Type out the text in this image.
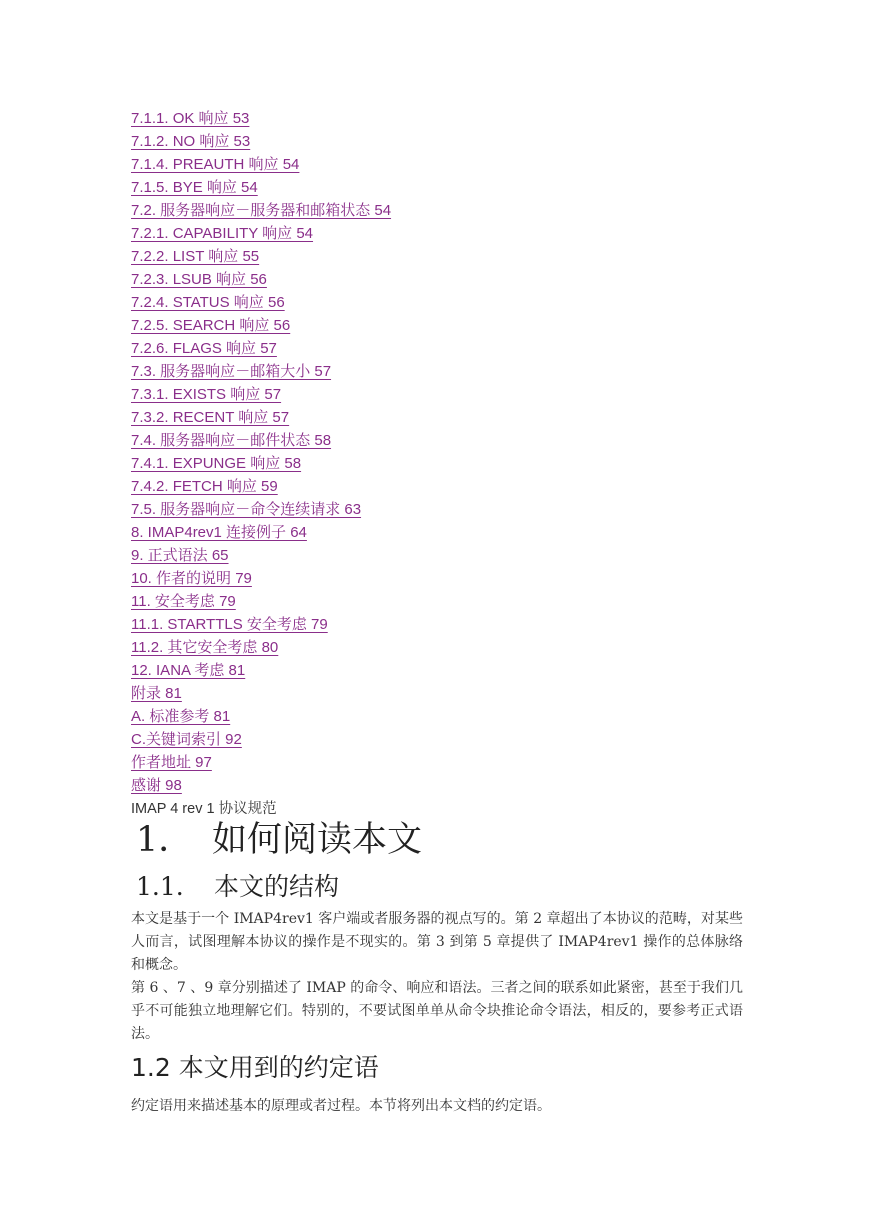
7.1.1. OK 响应 53
7.1.2. NO 响应 53
7.1.4. PREAUTH 响应 54
7.1.5. BYE 响应 54
7.2. 服务器响应－服务器和邮箱状态 54
7.2.1. CAPABILITY 响应 54
7.2.2. LIST 响应 55
7.2.3. LSUB 响应 56
7.2.4. STATUS 响应 56
7.2.5. SEARCH 响应 56
7.2.6. FLAGS 响应 57
7.3. 服务器响应－邮箱大小 57
7.3.1. EXISTS 响应 57
7.3.2. RECENT 响应 57
7.4. 服务器响应－邮件状态 58
7.4.1. EXPUNGE 响应 58
7.4.2. FETCH 响应 59
7.5. 服务器响应－命令连续请求 63
8. IMAP4rev1 连接例子 64
9. 正式语法 65
10. 作者的说明 79
11. 安全考虑 79
11.1. STARTTLS 安全考虑 79
11.2. 其它安全考虑 80
12. IANA 考虑 81
附录 81
A. 标准参考 81
C.关键词索引 92
作者地址 97
感谢 98
IMAP 4 rev 1 协议规范
1． 如何阅读本文
1.1. 本文的结构

本文是基于一个 IMAP4rev1 客户端或者服务器的视点写的。第 2 章超出了本协议的范畴，对某些人而言，试图理解本协议的操作是不现实的。第 3 到第 5 章提供了 IMAP4rev1 操作的总体脉络和概念。

第 6 、7 、9 章分别描述了 IMAP 的命令、响应和语法。三者之间的联系如此紧密，甚至于我们几乎不可能独立地理解它们。特别的，不要试图单单从命令块推论命令语法，相反的，要参考正式语法。

1.2 本文用到的约定语

约定语用来描述基本的原理或者过程。本节将列出本文档的约定语。
